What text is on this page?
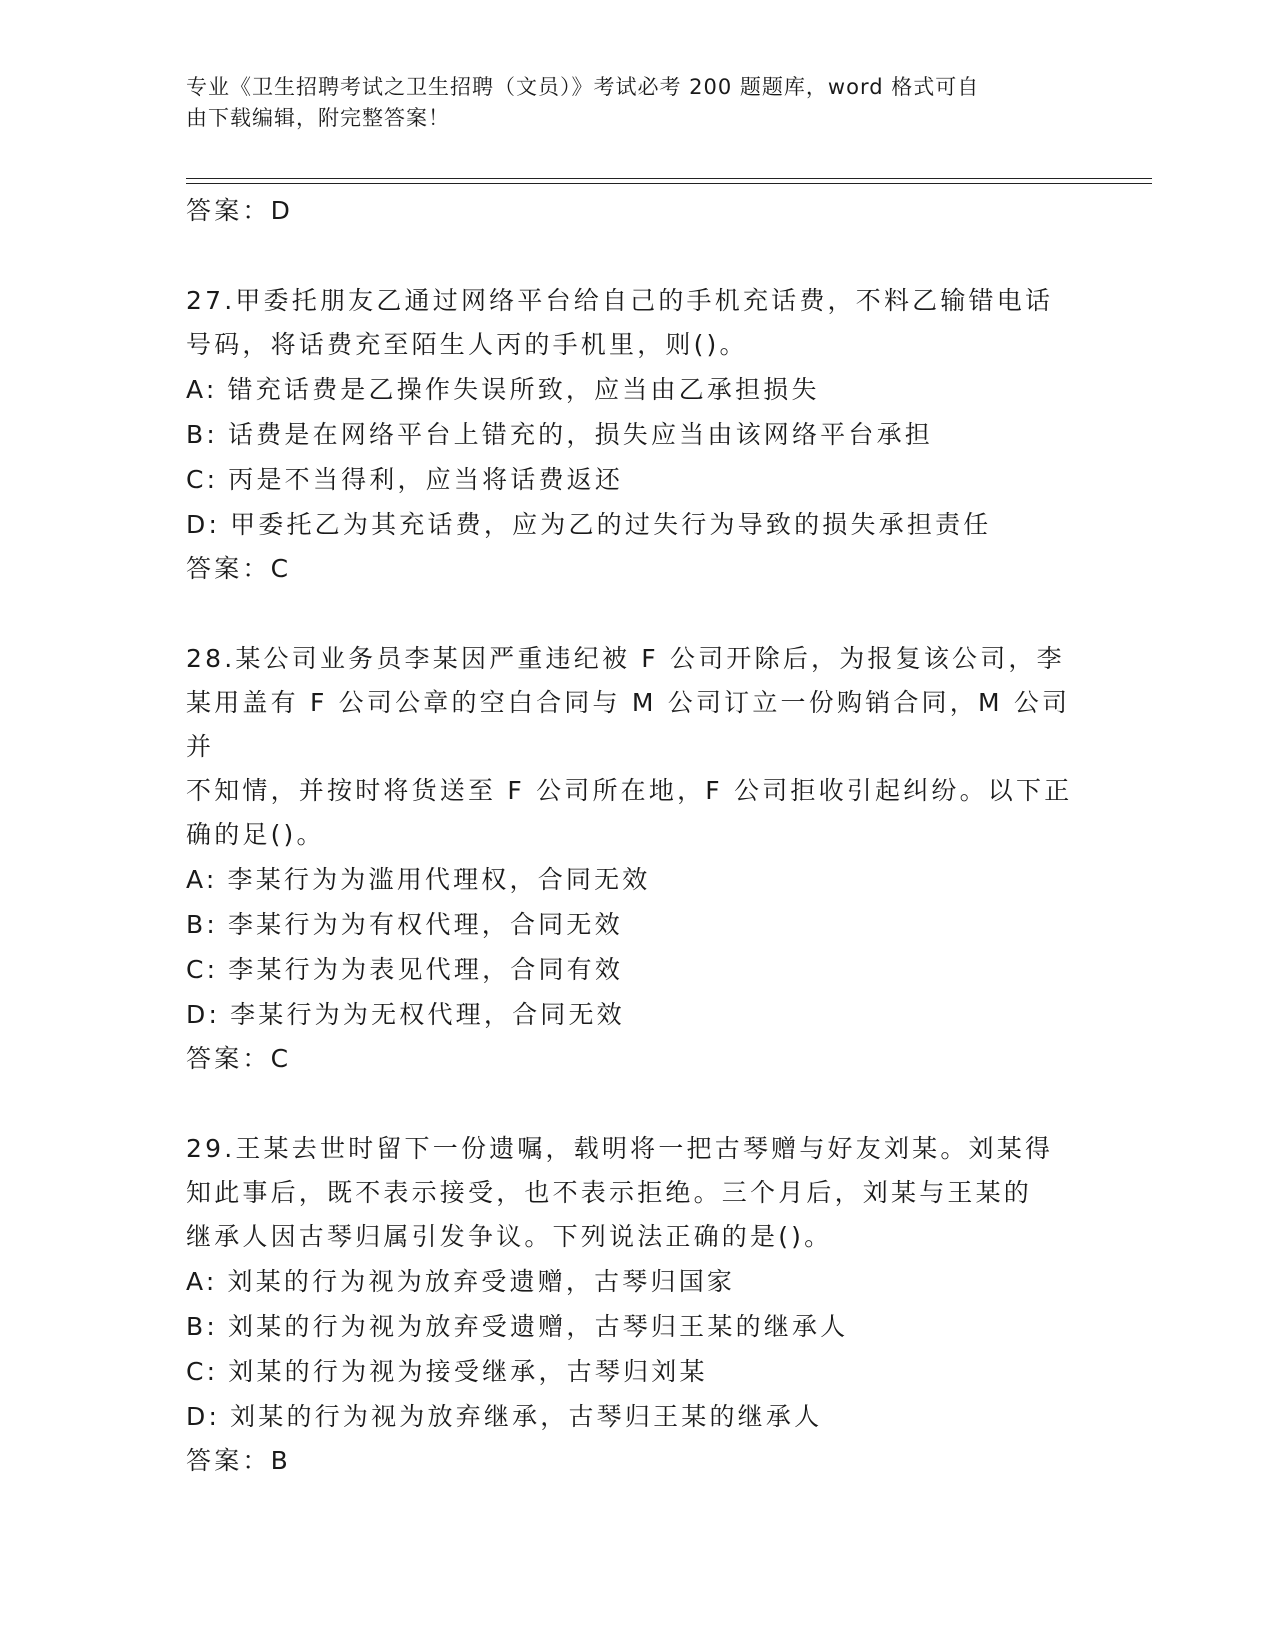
专业《卫生招聘考试之卫生招聘（文员）》考试必考 200 题题库，word 格式可自
由下载编辑，附完整答案！
答案：D
27.甲委托朋友乙通过网络平台给自己的手机充话费，不料乙输错电话
号码，将话费充至陌生人丙的手机里，则()。
A: 错充话费是乙操作失误所致，应当由乙承担损失
B: 话费是在网络平台上错充的，损失应当由该网络平台承担
C: 丙是不当得利，应当将话费返还
D: 甲委托乙为其充话费，应为乙的过失行为导致的损失承担责任
答案：C
28.某公司业务员李某因严重违纪被 F 公司开除后，为报复该公司，李
某用盖有 F 公司公章的空白合同与 M 公司订立一份购销合同，M 公司并
不知情，并按时将货送至 F 公司所在地，F 公司拒收引起纠纷。以下正
确的足()。
A: 李某行为为滥用代理权，合同无效
B: 李某行为为有权代理，合同无效
C: 李某行为为表见代理，合同有效
D: 李某行为为无权代理，合同无效
答案：C
29.王某去世时留下一份遗嘱，载明将一把古琴赠与好友刘某。刘某得
知此事后，既不表示接受，也不表示拒绝。三个月后，刘某与王某的
继承人因古琴归属引发争议。下列说法正确的是()。
A: 刘某的行为视为放弃受遗赠，古琴归国家
B: 刘某的行为视为放弃受遗赠，古琴归王某的继承人
C: 刘某的行为视为接受继承，古琴归刘某
D: 刘某的行为视为放弃继承，古琴归王某的继承人
答案：B
